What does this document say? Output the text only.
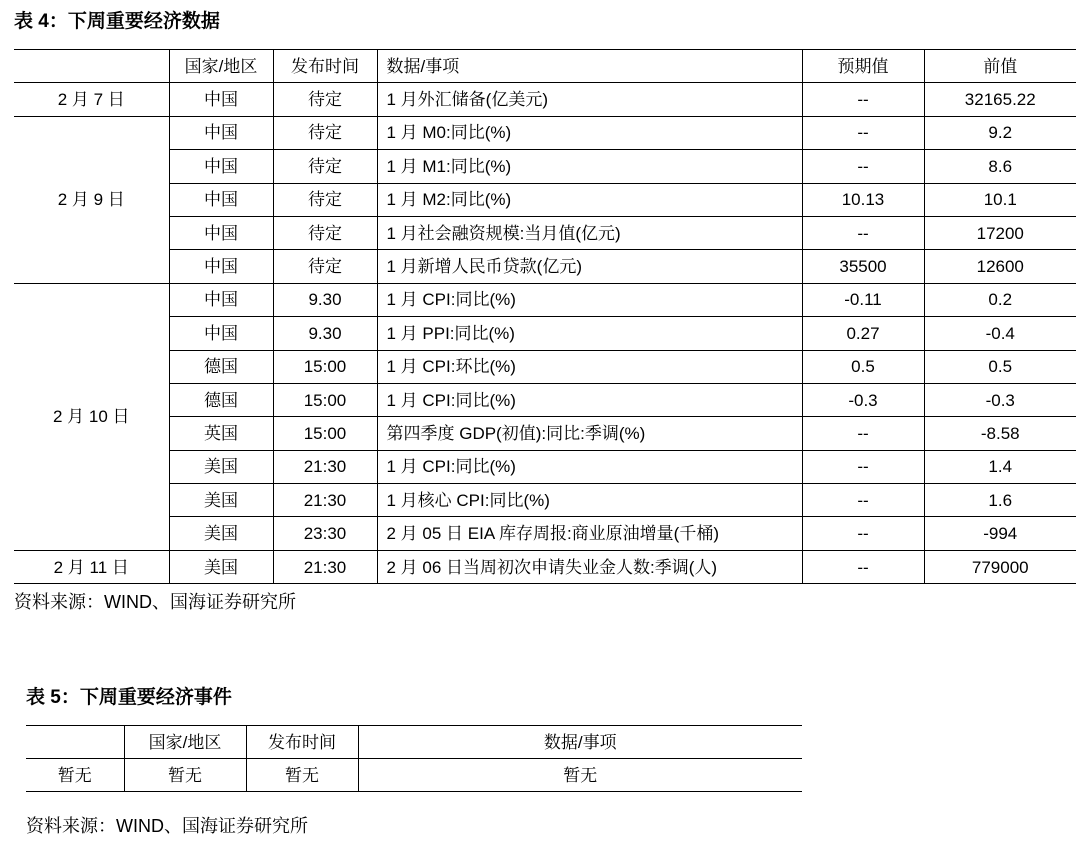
表 4：下周重要经济数据
	国家/地区	发布时间	数据/事项	预期值	前值
2 月 7 日	中国	待定	1 月外汇储备(亿美元)	--	32165.22
2 月 9 日	中国	待定	1 月 M0:同比(%)	--	9.2
	中国	待定	1 月 M1:同比(%)	--	8.6
	中国	待定	1 月 M2:同比(%)	10.13	10.1
	中国	待定	1 月社会融资规模:当月值(亿元)	--	17200
	中国	待定	1 月新增人民币贷款(亿元)	35500	12600
2 月 10 日	中国	9.30	1 月 CPI:同比(%)	-0.11	0.2
	中国	9.30	1 月 PPI:同比(%)	0.27	-0.4
	德国	15:00	1 月 CPI:环比(%)	0.5	0.5
	德国	15:00	1 月 CPI:同比(%)	-0.3	-0.3
	英国	15:00	第四季度 GDP(初值):同比:季调(%)	--	-8.58
	美国	21:30	1 月 CPI:同比(%)	--	1.4
	美国	21:30	1 月核心 CPI:同比(%)	--	1.6
	美国	23:30	2 月 05 日 EIA 库存周报:商业原油增量(千桶)	--	-994
2 月 11 日	美国	21:30	2 月 06 日当周初次申请失业金人数:季调(人)	--	779000
资料来源：WIND、国海证券研究所
表 5：下周重要经济事件
	国家/地区	发布时间	数据/事项
暂无	暂无	暂无	暂无
资料来源：WIND、国海证券研究所
